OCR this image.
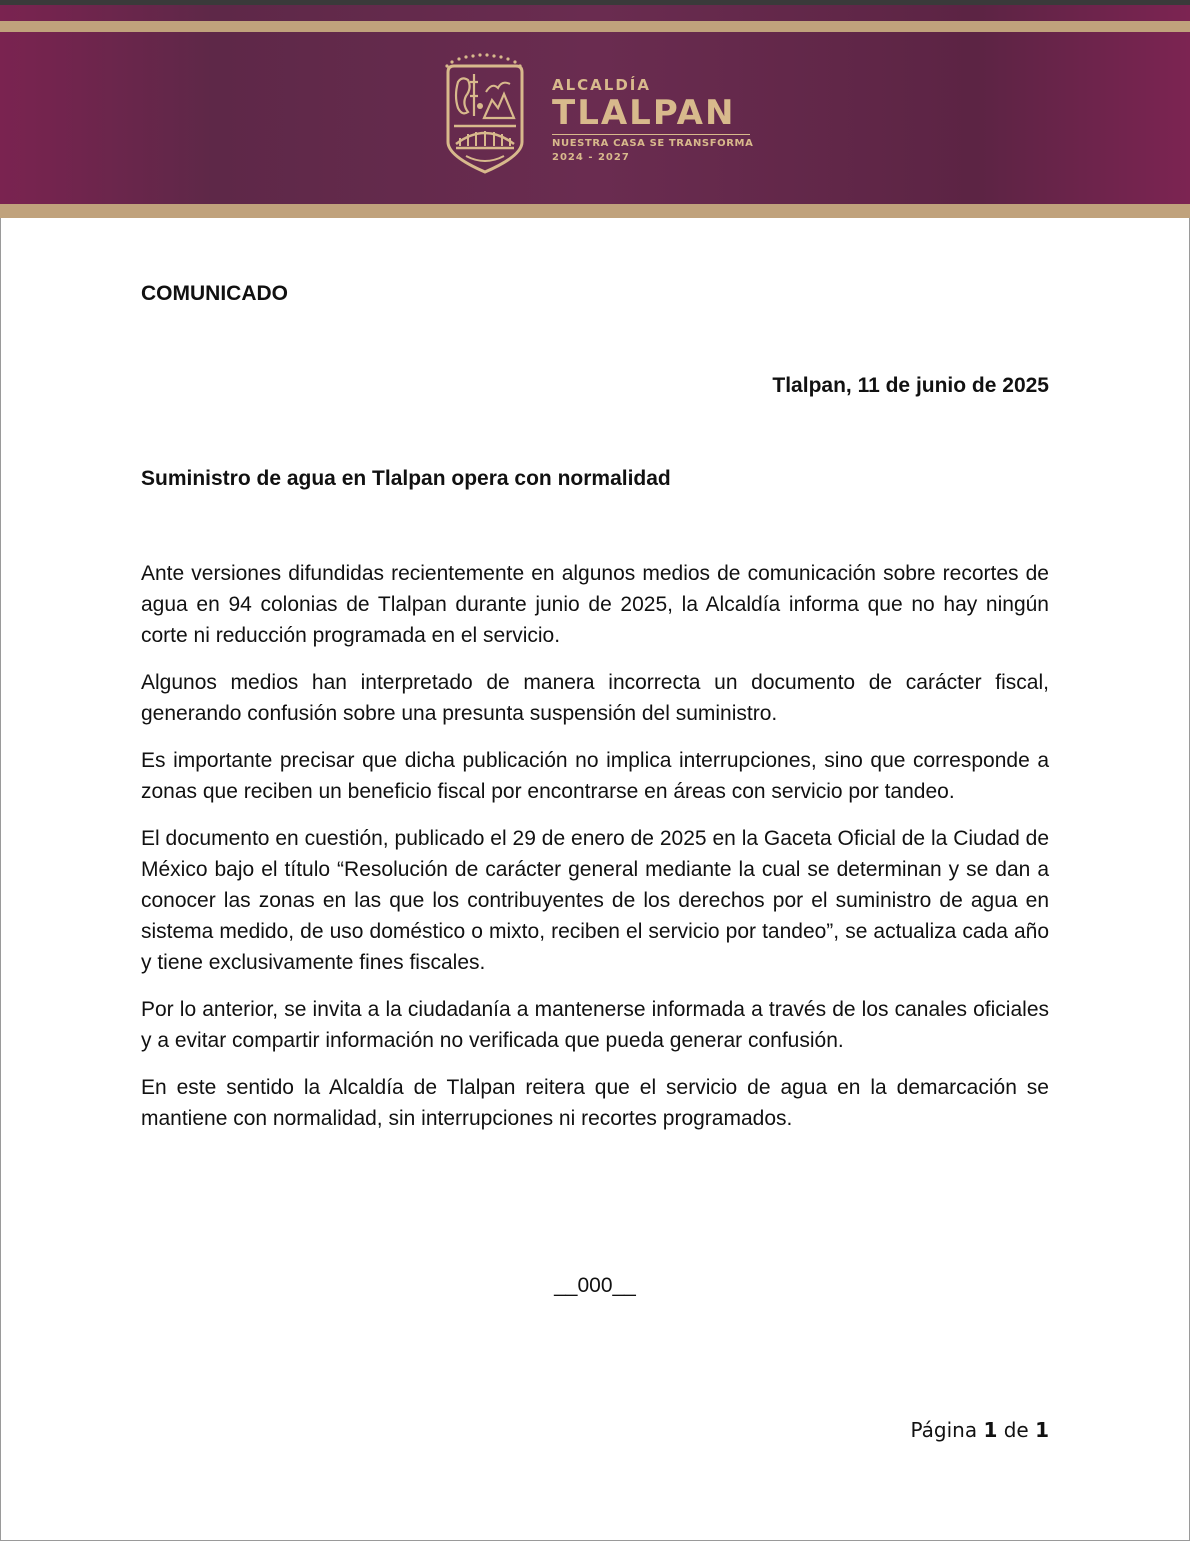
ALCALDÍA
TLALPAN
NUESTRA CASA SE TRANSFORMA
2024 - 2027
COMUNICADO
Tlalpan, 11 de junio de 2025
Suministro de agua en Tlalpan opera con normalidad

Ante versiones difundidas recientemente en algunos medios de comunicación sobre recortes de agua en 94 colonias de Tlalpan durante junio de 2025, la Alcaldía informa que no hay ningún corte ni reducción programada en el servicio.

Algunos medios han interpretado de manera incorrecta un documento de carácter fiscal, generando confusión sobre una presunta suspensión del suministro.

Es importante precisar que dicha publicación no implica interrupciones, sino que corresponde a zonas que reciben un beneficio fiscal por encontrarse en áreas con servicio por tandeo.

El documento en cuestión, publicado el 29 de enero de 2025 en la Gaceta Oficial de la Ciudad de México bajo el título “Resolución de carácter general mediante la cual se determinan y se dan a conocer las zonas en las que los contribuyentes de los derechos por el suministro de agua en sistema medido, de uso doméstico o mixto, reciben el servicio por tandeo”, se actualiza cada año y tiene exclusivamente fines fiscales.

Por lo anterior, se invita a la ciudadanía a mantenerse informada a través de los canales oficiales y a evitar compartir información no verificada que pueda generar confusión.

En este sentido la Alcaldía de Tlalpan reitera que el servicio de agua en la demarcación se mantiene con normalidad, sin interrupciones ni recortes programados.

__000__
Página 1 de 1
